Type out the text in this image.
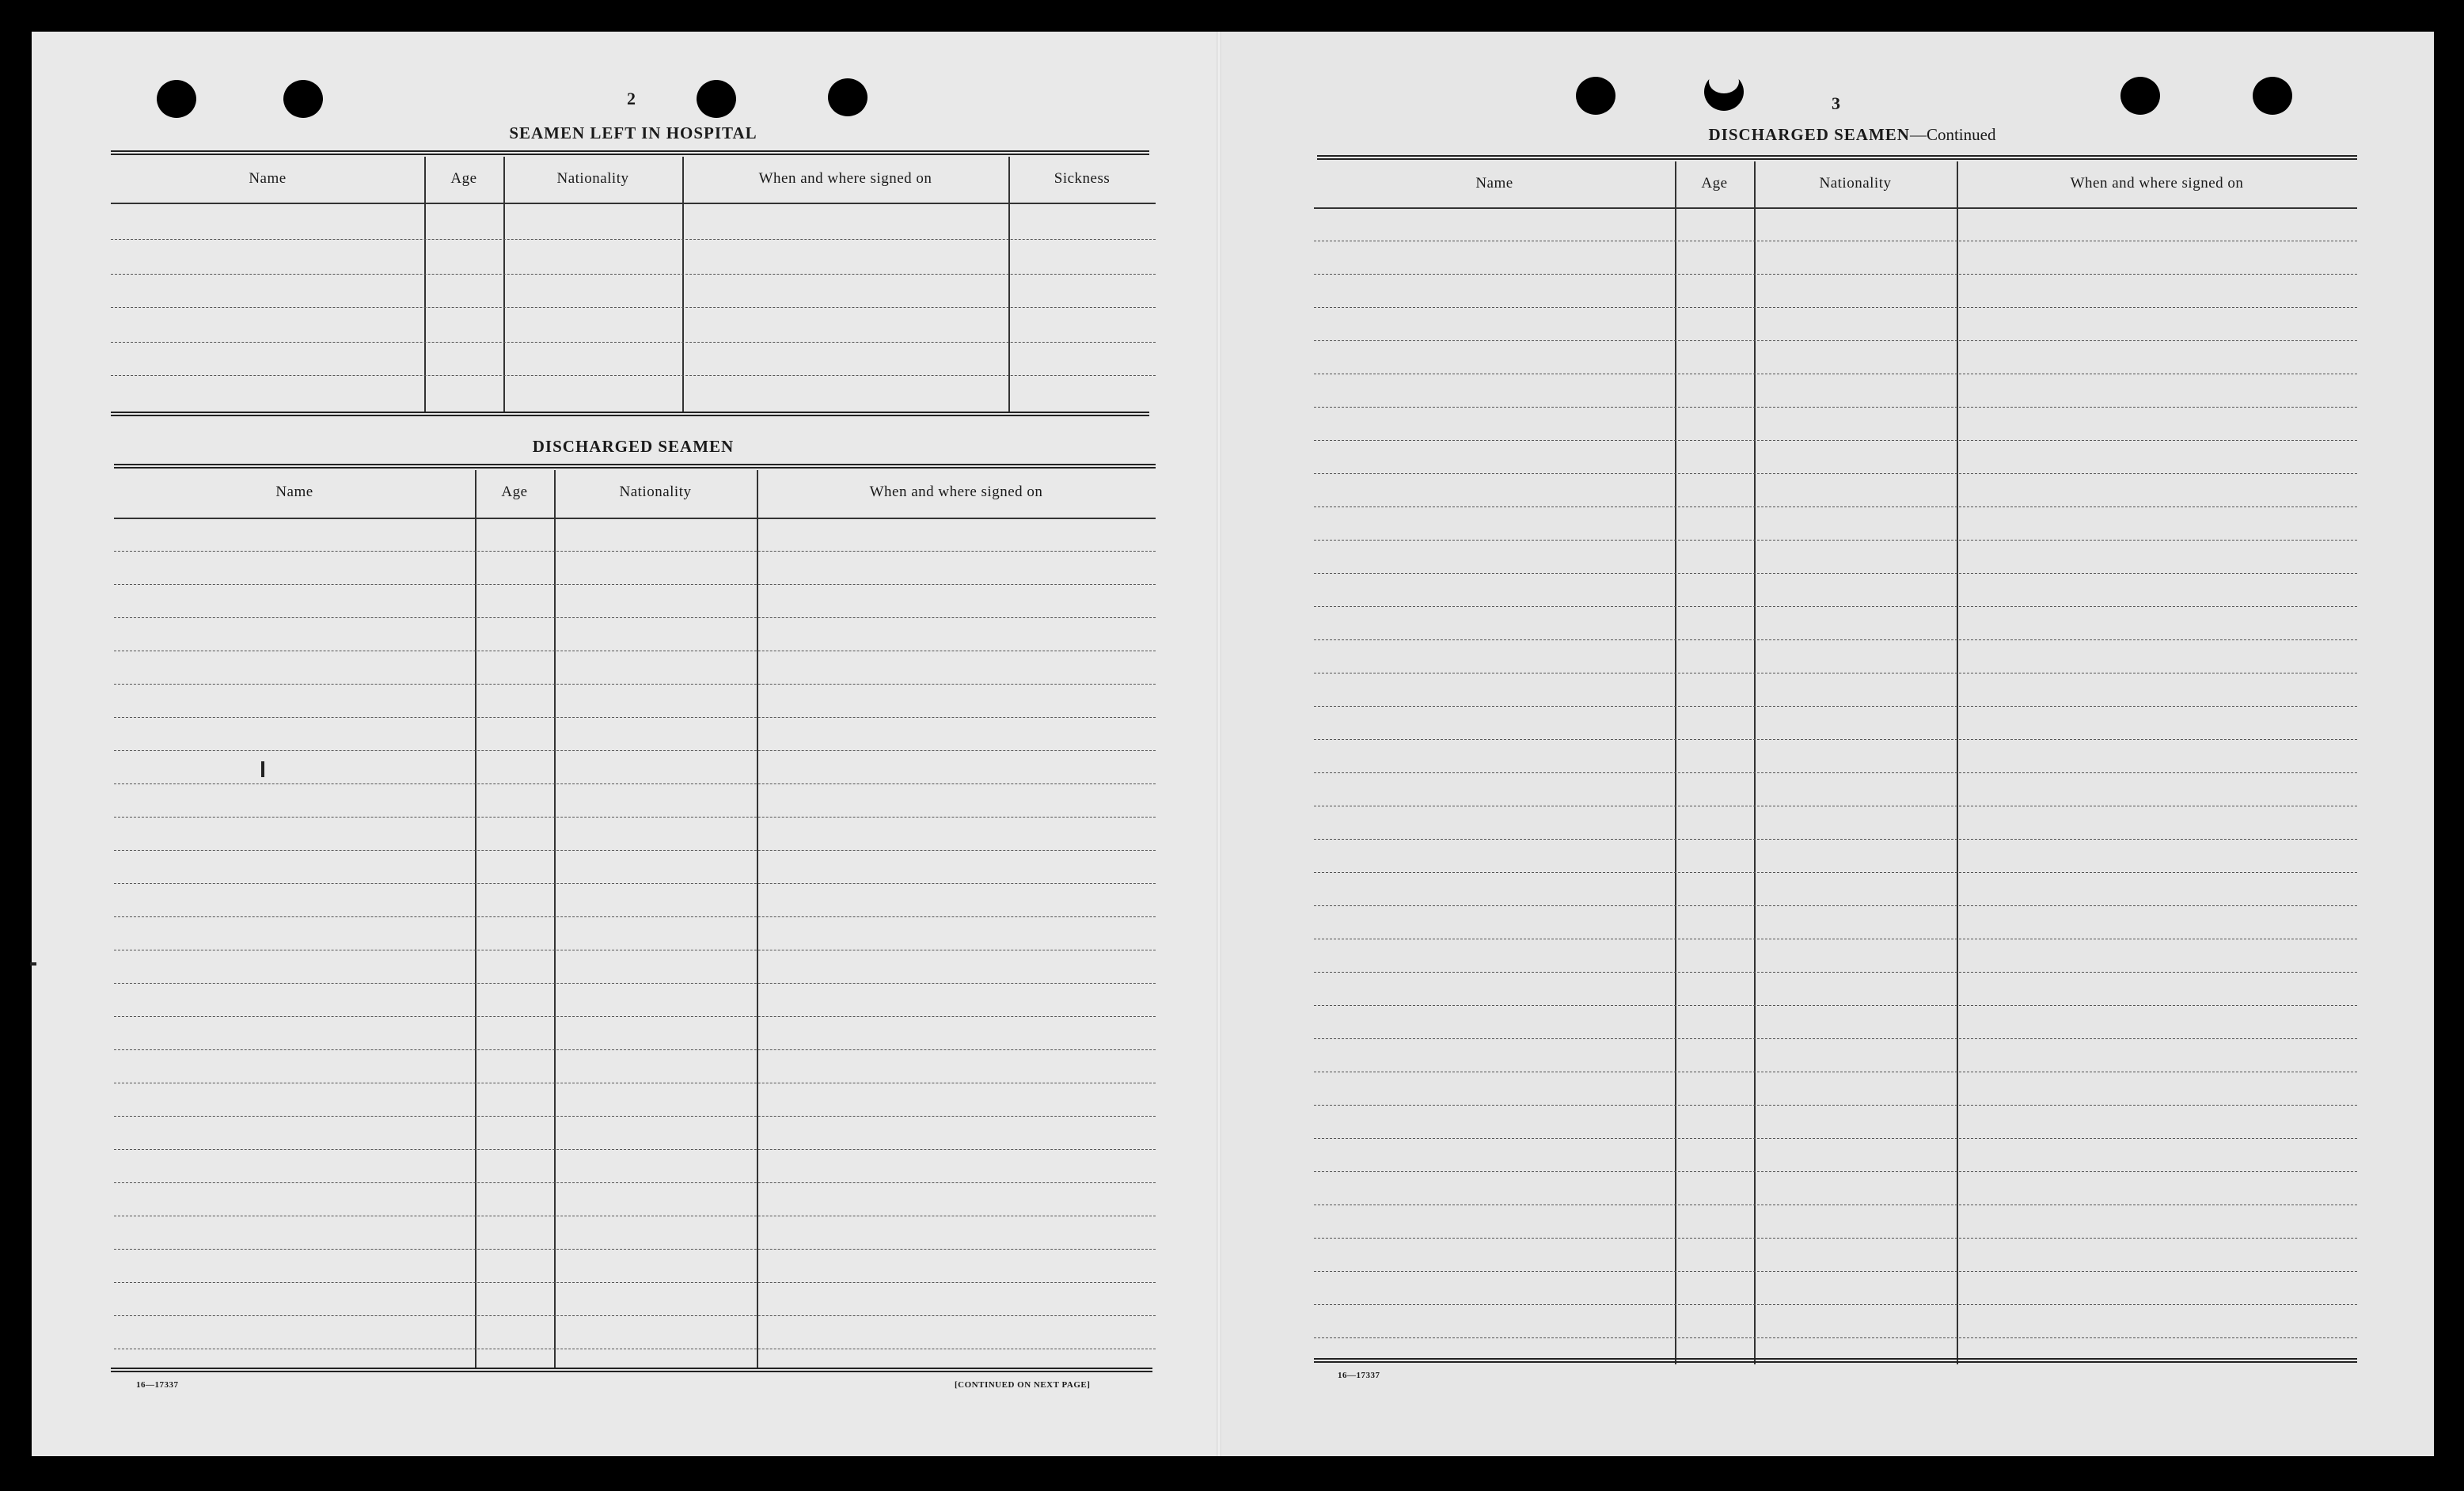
2
SEAMEN LEFT IN HOSPITAL
Name	Age	Nationality	When and where signed on	Sickness
DISCHARGED SEAMEN
Name	Age	Nationality	When and where signed on
16—17337	[CONTINUED ON NEXT PAGE]
3
DISCHARGED SEAMEN—Continued
Name	Age	Nationality	When and where signed on
16—17337
